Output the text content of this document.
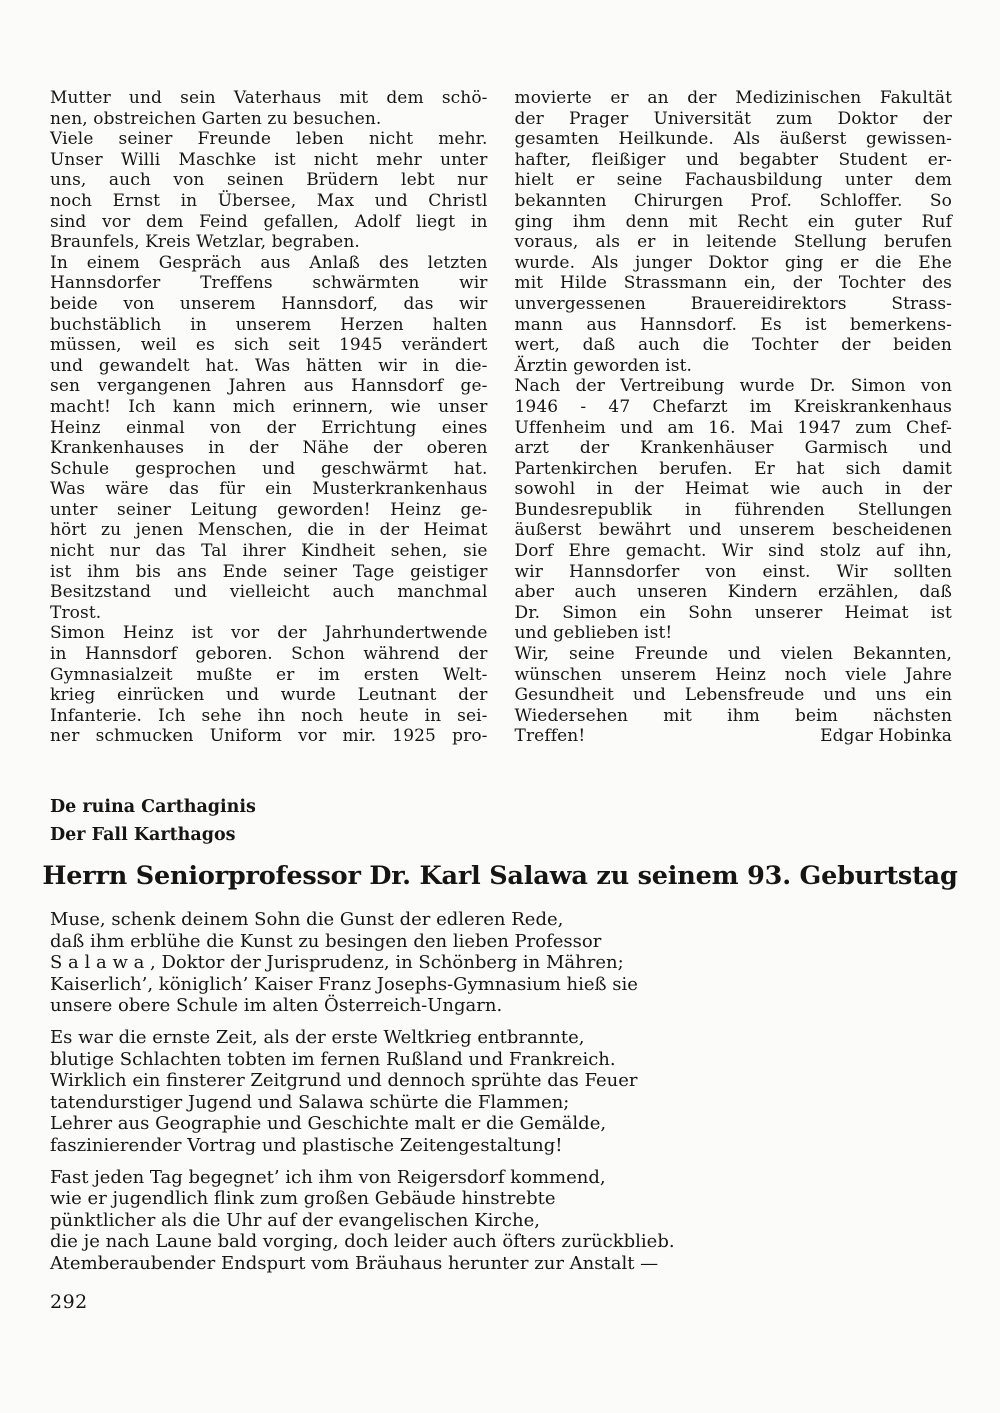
Mutter und sein Vaterhaus mit dem schö-
nen, obstreichen Garten zu besuchen.
Viele seiner Freunde leben nicht mehr.
Unser Willi Maschke ist nicht mehr unter
uns, auch von seinen Brüdern lebt nur
noch Ernst in Übersee, Max und Christl
sind vor dem Feind gefallen, Adolf liegt in
Braunfels, Kreis Wetzlar, begraben.
In einem Gespräch aus Anlaß des letzten
Hannsdorfer Treffens schwärmten wir
beide von unserem Hannsdorf, das wir
buchstäblich in unserem Herzen halten
müssen, weil es sich seit 1945 verändert
und gewandelt hat. Was hätten wir in die-
sen vergangenen Jahren aus Hannsdorf ge-
macht! Ich kann mich erinnern, wie unser
Heinz einmal von der Errichtung eines
Krankenhauses in der Nähe der oberen
Schule gesprochen und geschwärmt hat.
Was wäre das für ein Musterkrankenhaus
unter seiner Leitung geworden! Heinz ge-
hört zu jenen Menschen, die in der Heimat
nicht nur das Tal ihrer Kindheit sehen, sie
ist ihm bis ans Ende seiner Tage geistiger
Besitzstand und vielleicht auch manchmal
Trost.
Simon Heinz ist vor der Jahrhundertwende
in Hannsdorf geboren. Schon während der
Gymnasialzeit mußte er im ersten Welt-
krieg einrücken und wurde Leutnant der
Infanterie. Ich sehe ihn noch heute in sei-
ner schmucken Uniform vor mir. 1925 pro-
movierte er an der Medizinischen Fakultät
der Prager Universität zum Doktor der
gesamten Heilkunde. Als äußerst gewissen-
hafter, fleißiger und begabter Student er-
hielt er seine Fachausbildung unter dem
bekannten Chirurgen Prof. Schloffer. So
ging ihm denn mit Recht ein guter Ruf
voraus, als er in leitende Stellung berufen
wurde. Als junger Doktor ging er die Ehe
mit Hilde Strassmann ein, der Tochter des
unvergessenen Brauereidirektors Strass-
mann aus Hannsdorf. Es ist bemerkens-
wert, daß auch die Tochter der beiden
Ärztin geworden ist.
Nach der Vertreibung wurde Dr. Simon von
1946 - 47 Chefarzt im Kreiskrankenhaus
Uffenheim und am 16. Mai 1947 zum Chef-
arzt der Krankenhäuser Garmisch und
Partenkirchen berufen. Er hat sich damit
sowohl in der Heimat wie auch in der
Bundesrepublik in führenden Stellungen
äußerst bewährt und unserem bescheidenen
Dorf Ehre gemacht. Wir sind stolz auf ihn,
wir Hannsdorfer von einst. Wir sollten
aber auch unseren Kindern erzählen, daß
Dr. Simon ein Sohn unserer Heimat ist
und geblieben ist!
Wir, seine Freunde und vielen Bekannten,
wünschen unserem Heinz noch viele Jahre
Gesundheit und Lebensfreude und uns ein
Wiedersehen mit ihm beim nächsten
Treffen!	Edgar Hobinka
De ruina Carthaginis
Der Fall Karthagos
Herrn Seniorprofessor Dr. Karl Salawa zu seinem 93. Geburtstag
Muse, schenk deinem Sohn die Gunst der edleren Rede,
daß ihm erblühe die Kunst zu besingen den lieben Professor
S a l a w a , Doktor der Jurisprudenz, in Schönberg in Mähren;
Kaiserlich’, königlich’ Kaiser Franz Josephs-Gymnasium hieß sie
unsere obere Schule im alten Österreich-Ungarn.
Es war die ernste Zeit, als der erste Weltkrieg entbrannte,
blutige Schlachten tobten im fernen Rußland und Frankreich.
Wirklich ein finsterer Zeitgrund und dennoch sprühte das Feuer
tatendurstiger Jugend und Salawa schürte die Flammen;
Lehrer aus Geographie und Geschichte malt er die Gemälde,
faszinierender Vortrag und plastische Zeitengestaltung!
Fast jeden Tag begegnet’ ich ihm von Reigersdorf kommend,
wie er jugendlich flink zum großen Gebäude hinstrebte
pünktlicher als die Uhr auf der evangelischen Kirche,
die je nach Laune bald vorging, doch leider auch öfters zurückblieb.
Atemberaubender Endspurt vom Bräuhaus herunter zur Anstalt —
292
